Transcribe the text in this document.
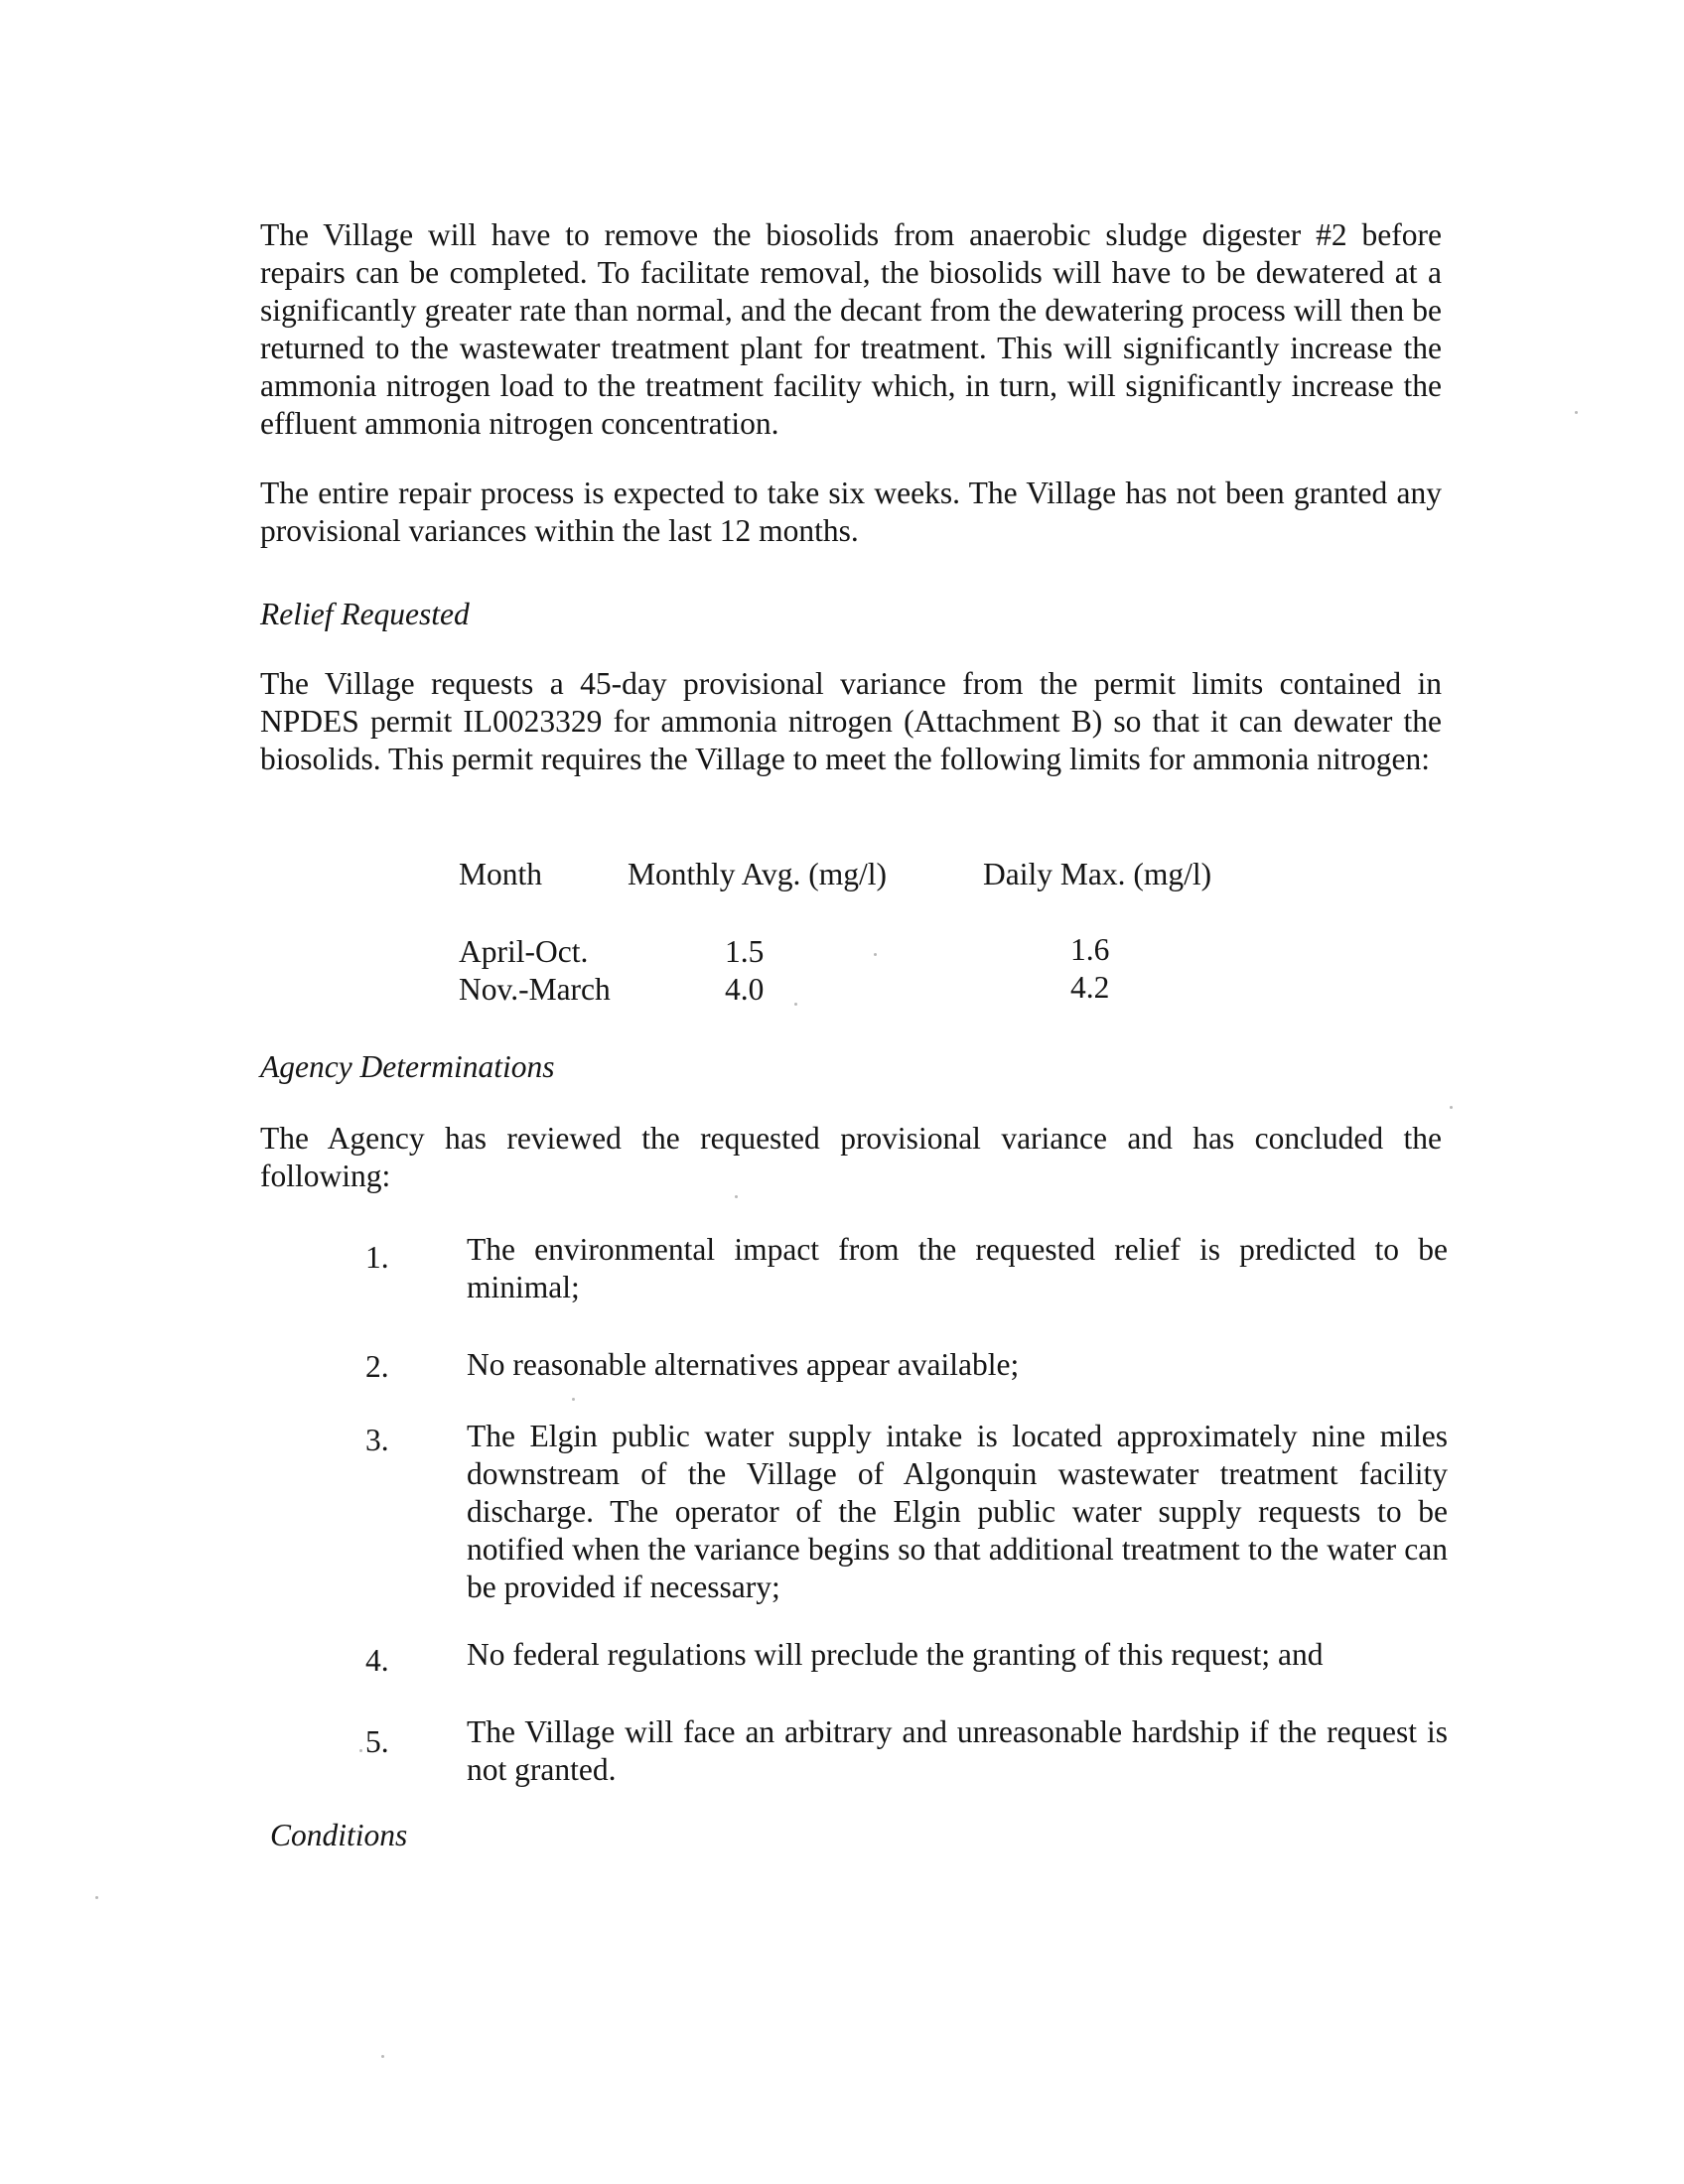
The Village will have to remove the biosolids from anaerobic sludge digester #2 before repairs can be completed. To facilitate removal, the biosolids will have to be dewatered at a significantly greater rate than normal, and the decant from the dewatering process will then be returned to the wastewater treatment plant for treatment. This will significantly increase the ammonia nitrogen load to the treatment facility which, in turn, will significantly increase the effluent ammonia nitrogen concentration.

The entire repair process is expected to take six weeks. The Village has not been granted any provisional variances within the last 12 months.

Relief Requested

The Village requests a 45-day provisional variance from the permit limits contained in NPDES permit IL0023329 for ammonia nitrogen (Attachment B) so that it can dewater the biosolids. This permit requires the Village to meet the following limits for ammonia nitrogen:

Month	Monthly Avg. (mg/l)	Daily Max. (mg/l)
April-Oct.	1.5	1.6
Nov.-March	4.0	4.2

Agency Determinations

The Agency has reviewed the requested provisional variance and has concluded the following:

1. The environmental impact from the requested relief is predicted to be minimal;

2. No reasonable alternatives appear available;

3. The Elgin public water supply intake is located approximately nine miles downstream of the Village of Algonquin wastewater treatment facility discharge. The operator of the Elgin public water supply requests to be notified when the variance begins so that additional treatment to the water can be provided if necessary;

4. No federal regulations will preclude the granting of this request; and

5. The Village will face an arbitrary and unreasonable hardship if the request is not granted.

Conditions
